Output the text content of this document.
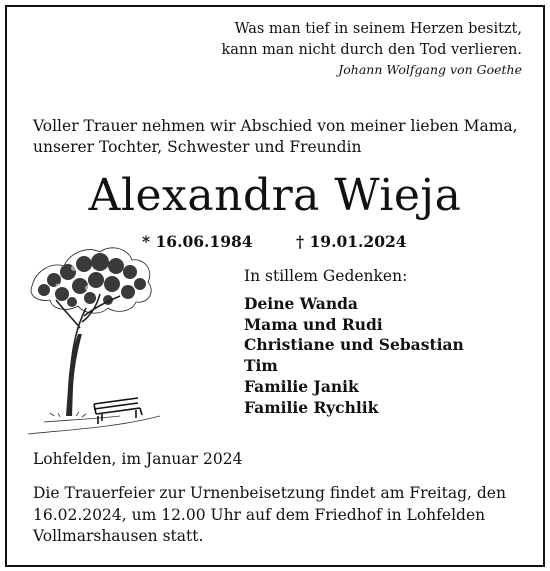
Was man tief in seinem Herzen besitzt,
kann man nicht durch den Tod verlieren.
Johann Wolfgang von Goethe
Voller Trauer nehmen wir Abschied von meiner lieben Mama,
unserer Tochter, Schwester und Freundin
Alexandra Wieja
* 16.06.1984	† 19.01.2024
In stillem Gedenken:
Deine Wanda
Mama und Rudi
Christiane und Sebastian
Tim
Familie Janik
Familie Rychlik
Lohfelden, im Januar 2024
Die Trauerfeier zur Urnenbeisetzung findet am Freitag, den
16.02.2024, um 12.00 Uhr auf dem Friedhof in Lohfelden
Vollmarshausen statt.
